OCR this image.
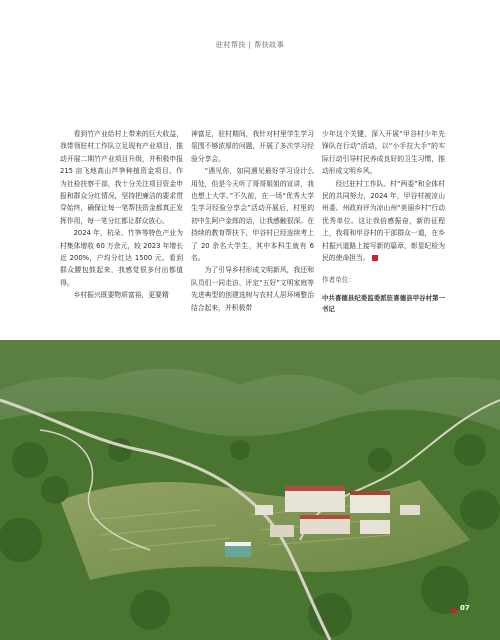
驻村帮扶 | 帮扶故事

看到竹产业给村上带来的巨大收益，我带领驻村工作队立足现有产业项目，推动开展二期竹产业项目升级，并积极申报 215 亩飞地高山芦笋种植资金项目。作为社检扶察干部，我十分关注项目资金申报和群众分红情况，坚持把廉洁的要求贯穿始终，确保让每一笔帮扶资金都真正发挥作用，每一笔分红都让群众放心。

2024 年，杭朵、竹笋等特色产业为村集体增收 60 万余元，较 2023 年增长近 200%，户均分红达 1500 元。看到群众腰包鼓起来，我感觉很多付出都值得。

乡村振兴既要物质富裕，更要精

神富足，驻村期间，我针对村里学生学习氛围不够浓厚的问题，开展了多次学习经验分享会。

“遇见你，如同遇见最好学习设计么用处，但是今天听了哥哥姐姐的宣讲，我也想上大学。”不久前，在一场“优秀大学生学习经验分享会”活动开展后，村里的初中生阿户金郎的话，让我感触很深。在持续的教育帮扶下，甲谷村已经连续考上了 20 余名大学生，其中本科生就有 6 名。

为了引导乡村形成文明新风，我还和队员们一同走访、评定“五好”文明家庭等先进典型的创建选树与农村人居环境整治结合起来，并积极带

少年这个关键，深入开展“甲谷村少年先锋队在行动”活动，以“小手拉大手”的实际行动引导村民养成良好的卫生习惯，推动形成文明乡风。

经过驻村工作队、村“两委”和全体村民的共同努力，2024 年，甲谷村被凉山州委、州政府评为凉山州“美丽乡村”行动优秀单位。这让我倍感振奋，新的征程上，我将和甲谷村的干部群众一道，在乡村振兴道路上接写新的篇章，彰显纪检为民的使命担当。

作者单位：
中共喜德县纪委监委派驻喜德县甲谷村第一书记
07
